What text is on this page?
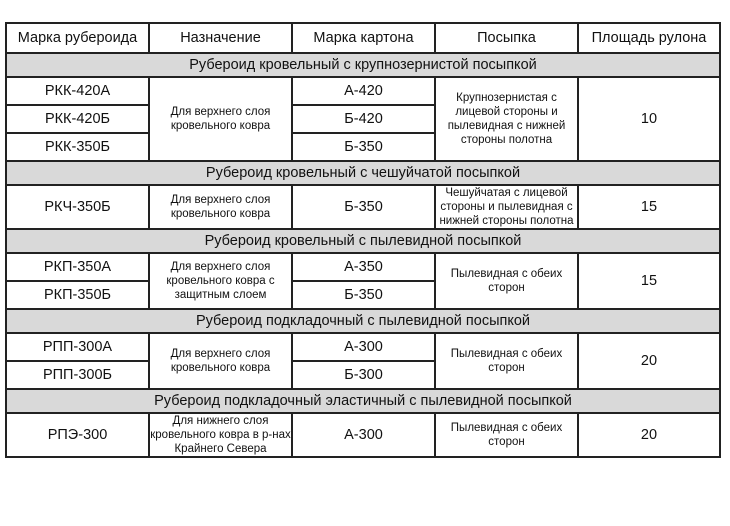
Марка рубероида	Назначение	Марка картона	Посыпка	Площадь рулона
Рубероид кровельный с крупнозернистой посыпкой				
РКК-420А	Для верхнего слоя кровельного ковра	А-420	Крупнозернистая с лицевой стороны и пылевидная с нижней стороны полотна	10
РКК-420Б		Б-420		
РКК-350Б		Б-350		
Рубероид кровельный с чешуйчатой посыпкой				
РКЧ-350Б	Для верхнего слоя кровельного ковра	Б-350	Чешуйчатая с лицевой стороны и пылевидная с нижней стороны полотна	15
Рубероид кровельный с пылевидной посыпкой				
РКП-350А	Для верхнего слоя кровельного ковра с защитным слоем	А-350	Пылевидная с обеих сторон	15
РКП-350Б		Б-350		
Рубероид подкладочный с пылевидной посыпкой				
РПП-300А	Для верхнего слоя кровельного ковра	А-300	Пылевидная с обеих сторон	20
РПП-300Б		Б-300		
Рубероид подкладочный эластичный с пылевидной посыпкой				
РПЭ-300	Для нижнего слоя кровельного ковра в р-нах Крайнего Севера	А-300	Пылевидная с обеих сторон	20
